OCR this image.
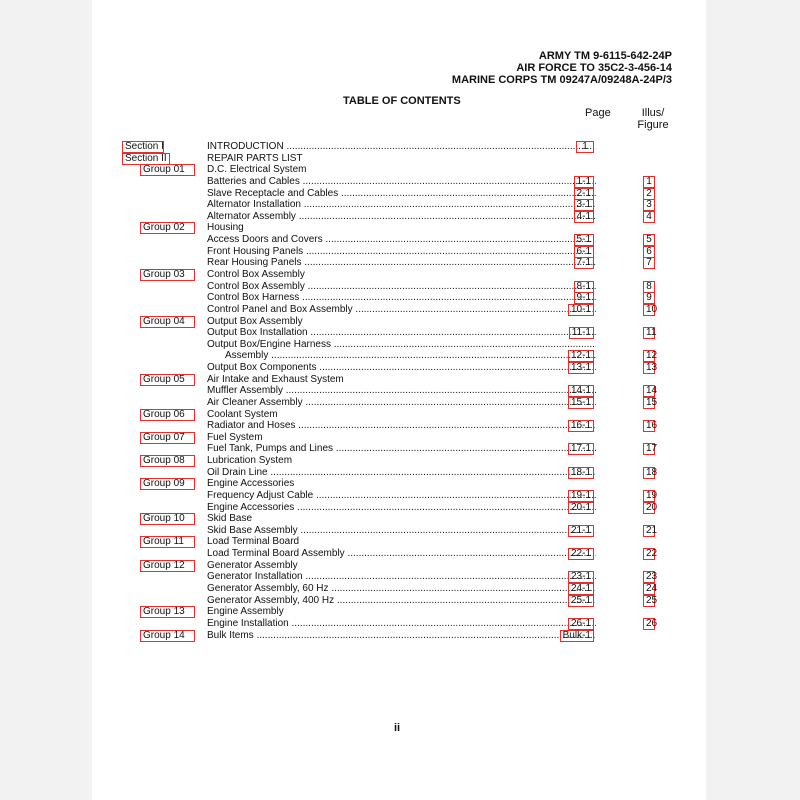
ARMY TM 9-6115-642-24P
AIR FORCE TO 35C2-3-456-14
MARINE CORPS TM 09247A/09248A-24P/3
TABLE OF CONTENTS
Page	Illus/
Figure
Section I	INTRODUCTION .....	1
Section II	REPAIR PARTS LIST
Group 01	D.C. Electrical System
Batteries and Cables .....	1-1	1
Slave Receptacle and Cables .....	2-1	2
Alternator Installation .....	3-1	3
Alternator Assembly .....	4-1	4
Group 02	Housing
Access Doors and Covers .....	5-1	5
Front Housing Panels .....	6-1	6
Rear Housing Panels .....	7-1	7
Group 03	Control Box Assembly
Control Box Assembly .....	8-1	8
Control Box Harness .....	9-1	9
Control Panel and Box Assembly .....	10-1	10
Group 04	Output Box Assembly
Output Box Installation .....	11-1	11
Output Box/Engine Harness .....
Assembly .....	12-1	12
Output Box Components .....	13-1	13
Group 05	Air Intake and Exhaust System
Muffler Assembly .....	14-1	14
Air Cleaner Assembly .....	15-1	15
Group 06	Coolant System
Radiator and Hoses .....	16-1	16
Group 07	Fuel System
Fuel Tank, Pumps and Lines .....	17-1	17
Group 08	Lubrication System
Oil Drain Line .....	18-1	18
Group 09	Engine Accessories
Frequency Adjust Cable .....	19-1	19
Engine Accessories .....	20-1	20
Group 10	Skid Base
Skid Base Assembly .....	21-1	21
Group 11	Load Terminal Board
Load Terminal Board Assembly .....	22-1	22
Group 12	Generator Assembly
Generator Installation .....	23-1	23
Generator Assembly, 60 Hz .....	24-1	24
Generator Assembly, 400 Hz .....	25-1	25
Group 13	Engine Assembly
Engine Installation .....	26-1	26
Group 14	Bulk Items .....	Bulk-1
ii
